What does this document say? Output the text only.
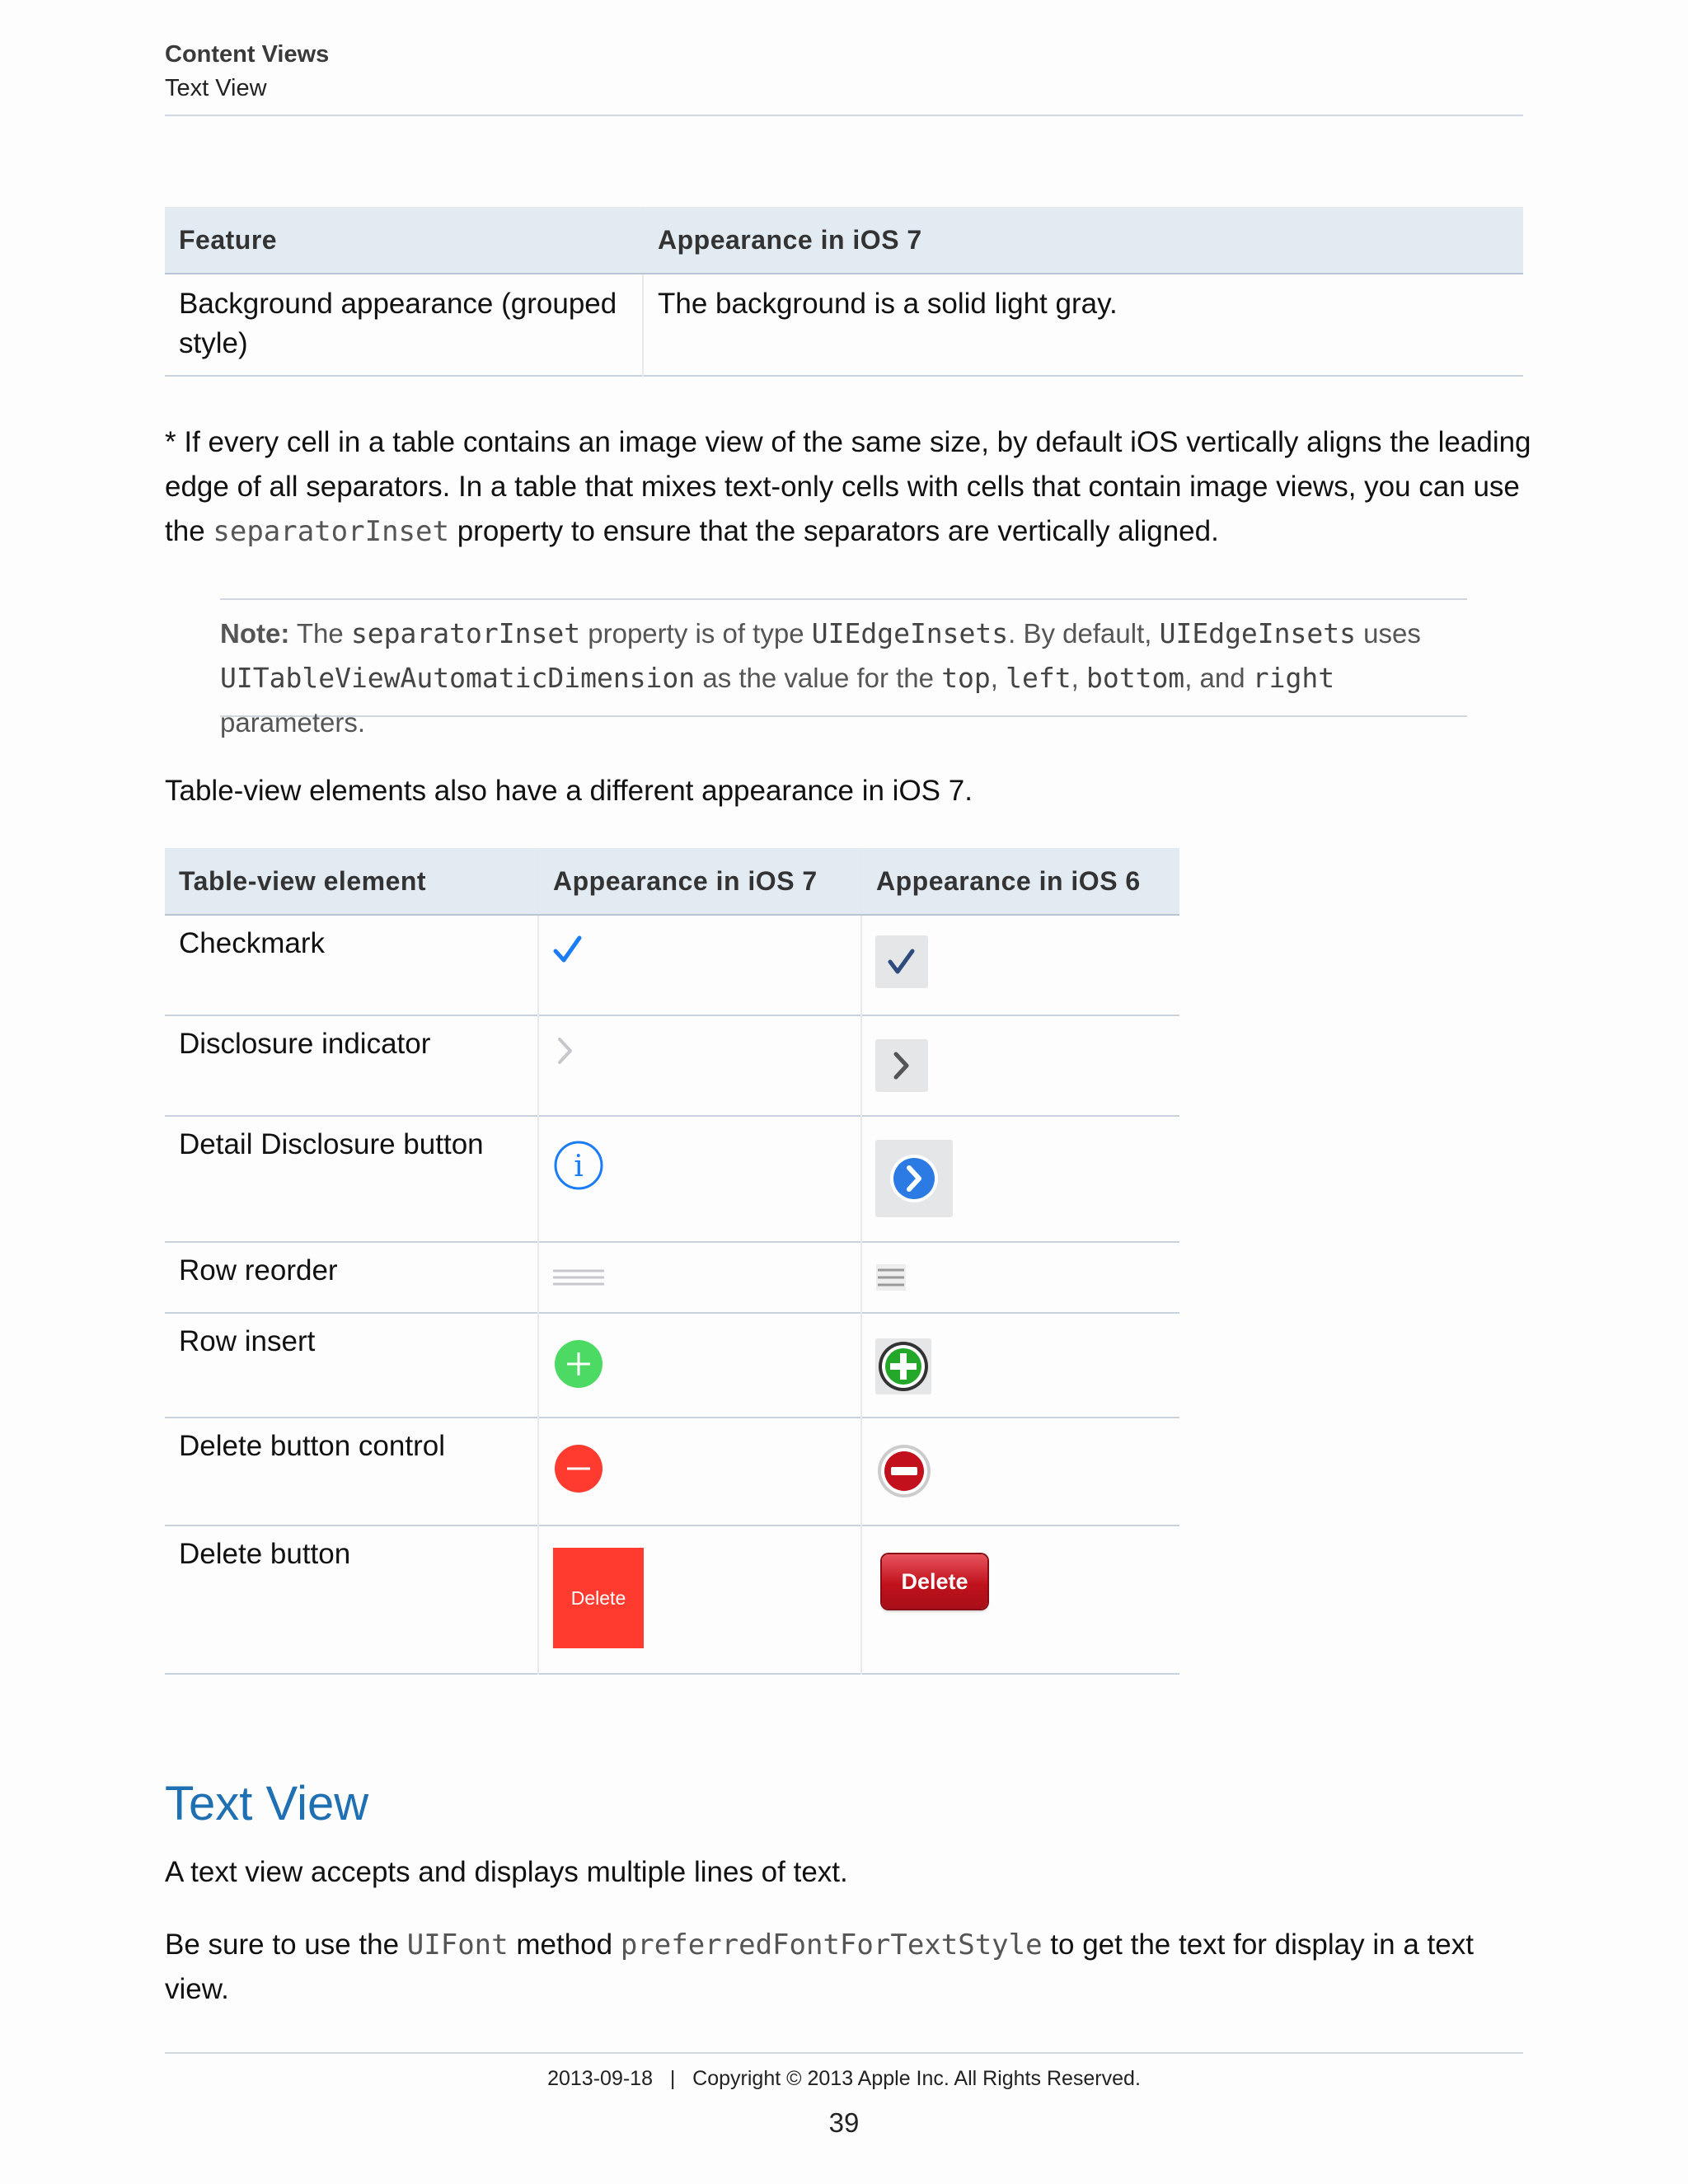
Content Views
Text View
Feature	Appearance in iOS 7
Background appearance (grouped style)	The background is a solid light gray.
* If every cell in a table contains an image view of the same size, by default iOS vertically aligns the leading edge of all separators. In a table that mixes text-only cells with cells that contain image views, you can use the separatorInset property to ensure that the separators are vertically aligned.

Note: The separatorInset property is of type UIEdgeInsets. By default, UIEdgeInsets uses UITableViewAutomaticDimension as the value for the top, left, bottom, and right parameters.

Table-view elements also have a different appearance in iOS 7.
Table-view element	Appearance in iOS 7	Appearance in iOS 6
Checkmark	

Disclosure indicator	

Detail Disclosure button	i

Row reorder	

Row insert	

Delete button control	

Delete button	Delete	Delete
Text View
A text view accepts and displays multiple lines of text.
Be sure to use the UIFont method preferredFontForTextStyle to get the text for display in a text view.
2013-09-18 | Copyright © 2013 Apple Inc. All Rights Reserved.
39
